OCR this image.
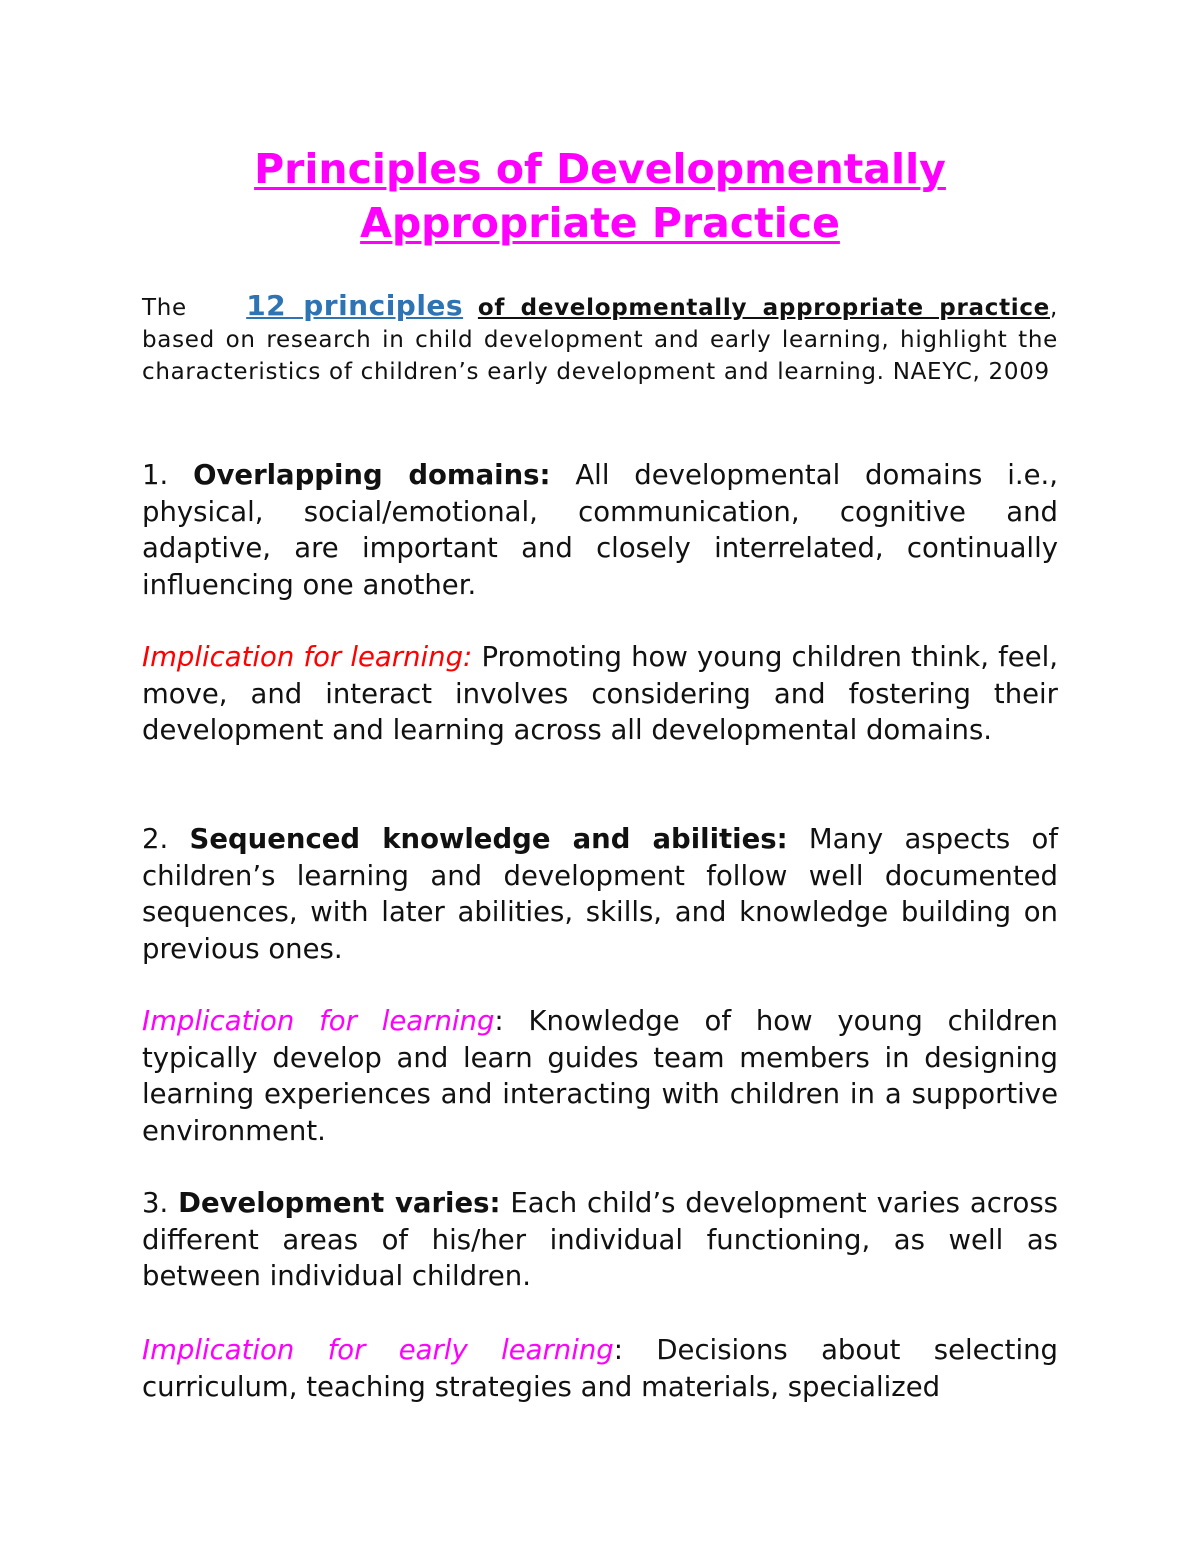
Principles of Developmentally
Appropriate Practice

The 12 principles of developmentally appropriate practice, based on research in child development and early learning, highlight the characteristics of children’s early development and learning. NAEYC, 2009

1. Overlapping domains: All developmental domains i.e., physical, social/emotional, communication, cognitive and adaptive, are important and closely interrelated, continually influencing one another.

Implication for learning: Promoting how young children think, feel, move, and interact involves considering and fostering their development and learning across all developmental domains.

2. Sequenced knowledge and abilities: Many aspects of children’s learning and development follow well documented sequences, with later abilities, skills, and knowledge building on previous ones.

Implication for learning: Knowledge of how young children typically develop and learn guides team members in designing learning experiences and interacting with children in a supportive environment.

3. Development varies: Each child’s development varies across different areas of his/her individual functioning, as well as between individual children.

Implication for early learning: Decisions about selecting curriculum, teaching strategies and materials, specialized
